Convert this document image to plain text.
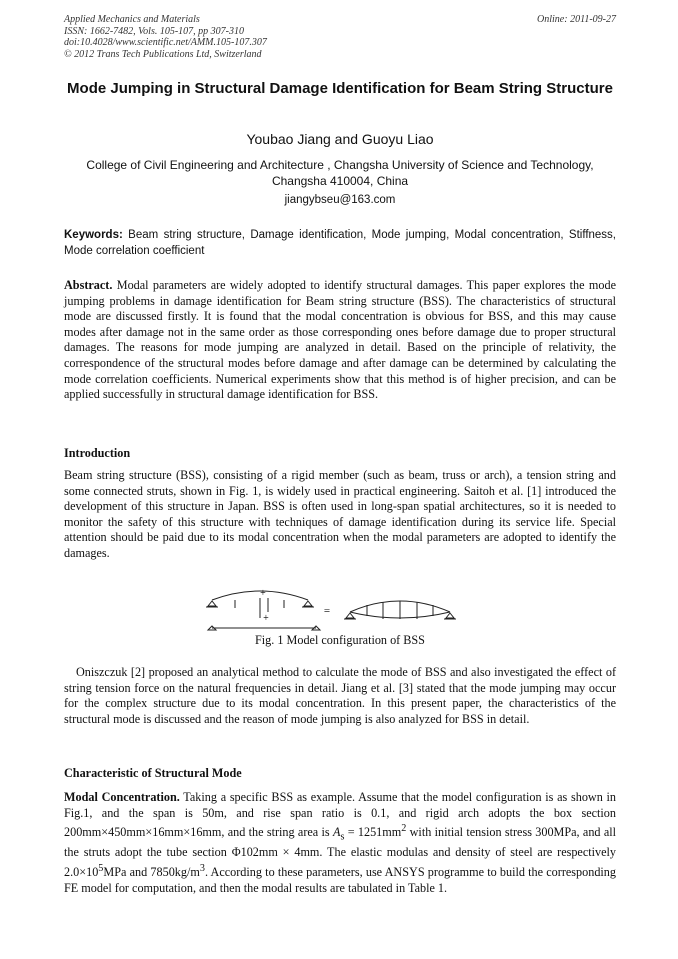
Applied Mechanics and Materials
ISSN: 1662-7482, Vols. 105-107, pp 307-310
doi:10.4028/www.scientific.net/AMM.105-107.307
© 2012 Trans Tech Publications Ltd, Switzerland
Online: 2011-09-27
Mode Jumping in Structural Damage Identification for Beam String Structure
Youbao Jiang and Guoyu Liao
College of Civil Engineering and Architecture , Changsha University of Science and Technology, Changsha 410004, China
jiangybseu@163.com
Keywords: Beam string structure, Damage identification, Mode jumping, Modal concentration, Stiffness, Mode correlation coefficient
Abstract. Modal parameters are widely adopted to identify structural damages. This paper explores the mode jumping problems in damage identification for Beam string structure (BSS). The characteristics of structural mode are discussed firstly. It is found that the modal concentration is obvious for BSS, and this may cause modes after damage not in the same order as those corresponding ones before damage due to proper structural damages. The reasons for mode jumping are analyzed in detail. Based on the principle of relativity, the correspondence of the structural modes before damage and after damage can be determined by calculating the mode correlation coefficients. Numerical experiments show that this method is of higher precision, and can be applied successfully in structural damage identification for BSS.
Introduction
Beam string structure (BSS), consisting of a rigid member (such as beam, truss or arch), a tension string and some connected struts, shown in Fig. 1, is widely used in practical engineering. Saitoh et al. [1] introduced the development of this structure in Japan. BSS is often used in long-span spatial architectures, so it is needed to monitor the safety of this structure with techniques of damage identification during its service life. Special attention should be paid due to its modal concentration when the modal parameters are adopted to identify the damages.
+
+
=
Fig. 1 Model configuration of BSS
Oniszczuk [2] proposed an analytical method to calculate the mode of BSS and also investigated the effect of string tension force on the natural frequencies in detail. Jiang et al. [3] stated that the mode jumping may occur for the complex structure due to its modal concentration. In this present paper, the characteristics of the structural mode is discussed and the reason of mode jumping is also analyzed for BSS in detail.
Characteristic of Structural Mode
Modal Concentration. Taking a specific BSS as example. Assume that the model configuration is as shown in Fig.1, and the span is 50m, and rise span ratio is 0.1, and rigid arch adopts the box section 200mm×450mm×16mm×16mm, and the string area is $A_s = 1251mm^2$ with initial tension stress 300MPa, and all the struts adopt the tube section Φ102mm × 4mm. The elastic modulas and density of steel are respectively $2.0\times 10^5MPa$ and $7850kg/m^3$. According to these parameters, use ANSYS programme to build the corresponding FE model for computation, and then the modal results are tabulated in Table 1.
